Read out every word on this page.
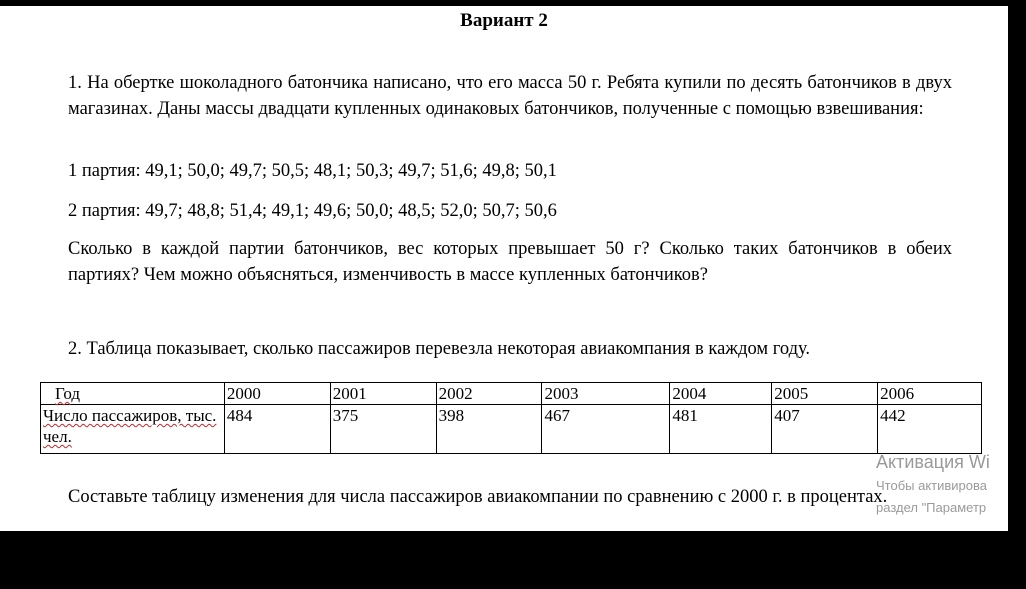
Вариант 2

1. На обертке шоколадного батончика написано, что его масса 50 г. Ребята купили по десять батончиков в двух магазинах. Даны массы двадцати купленных одинаковых батончиков, полученные с помощью взвешивания:

1 партия: 49,1; 50,0; 49,7; 50,5; 48,1; 50,3; 49,7; 51,6; 49,8; 50,1

2 партия: 49,7; 48,8; 51,4; 49,1; 49,6; 50,0; 48,5; 52,0; 50,7; 50,6

Сколько в каждой партии батончиков, вес которых превышает 50 г? Сколько таких батончиков в обеих партиях? Чем можно объясняться, изменчивость в массе купленных батончиков?

2. Таблица показывает, сколько пассажиров перевезла некоторая авиакомпания в каждом году.

Год	2000	2001	2002	2003	2004	2005	2006
Число пассажиров, тыс. чел.	484	375	398	467	481	407	442

Составьте таблицу изменения для числа пассажиров авиакомпании по сравнению с 2000 г. в процентах.

Активация Wi
Чтобы активирова
раздел "Параметр
